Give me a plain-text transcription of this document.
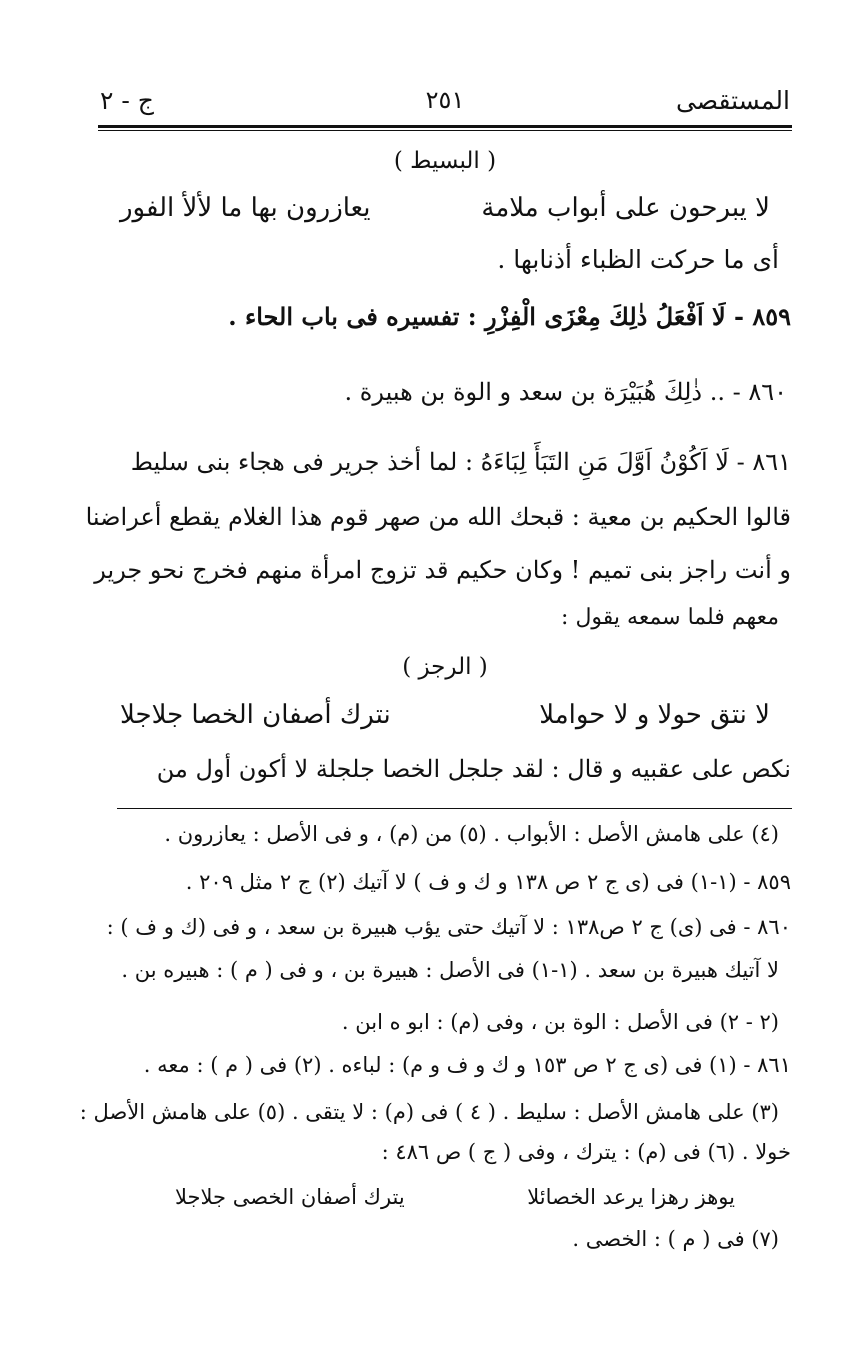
المستقصى
٢٥١
ج - ٢
( البسيط )
لا يبرحون على أبواب ملامة
يعازرون بها ما لألأ الفور
أى ما حركت الظباء أذنابها .
٨٥٩ - لَا اَفْعَلُ ذٰلِكَ مِعْزَى الْفِزْرِ : تفسيره فى باب الحاء .
٨٦٠ - .. ذٰلِكَ هُبَيْرَة بن سعد و الوة بن هبيرة .
٨٦١ - لَا اَكُوْنُ اَوَّلَ مَنِ التَبَأَ لِبَاءَهُ : لما أخذ جرير فى هجاء بنى سليط
قالوا الحكيم بن معية : قبحك الله من صهر قوم هذا الغلام يقطع أعراضنا
و أنت راجز بنى تميم ! وكان حكيم قد تزوج امرأة منهم فخرج نحو جرير
معهم فلما سمعه يقول :
( الرجز )
لا نتق حولا و لا حواملا
نترك أصفان الخصا جلاجلا
نكص على عقبيه و قال : لقد جلجل الخصا جلجلة لا أكون أول من
(٤) على هامش الأصل : الأبواب . (٥) من (م) ، و فى الأصل : يعازرون .
٨٥٩ - (١-١) فى (ى ج ٢ ص ١٣٨ و ك و ف ) لا آتيك (٢) ج ٢ مثل ٢٠٩ .
٨٦٠ - فى (ى) ج ٢ ص١٣٨ : لا آتيك حتى يؤب هبيرة بن سعد ، و فى (ك و ف ) :
لا آتيك هبيرة بن سعد . (١-١) فى الأصل : هبيرة بن ، و فى ( م ) : هبيره بن .
(٢ - ٢) فى الأصل : الوة بن ، وفى (م) : ابو ه ابن .
٨٦١ - (١) فى (ى ج ٢ ص ١٥٣ و ك و ف و م) : لباءه . (٢) فى ( م ) : معه .
(٣) على هامش الأصل : سليط . ( ٤ ) فى (م) : لا يتقى . (٥) على هامش الأصل :
خولا . (٦) فى (م) : يترك ، وفى ( ج ) ص ٤٨٦ :
يوهز رهزا يرعد الخصائلا
يترك أصفان الخصى جلاجلا
(٧) فى ( م ) : الخصى .
